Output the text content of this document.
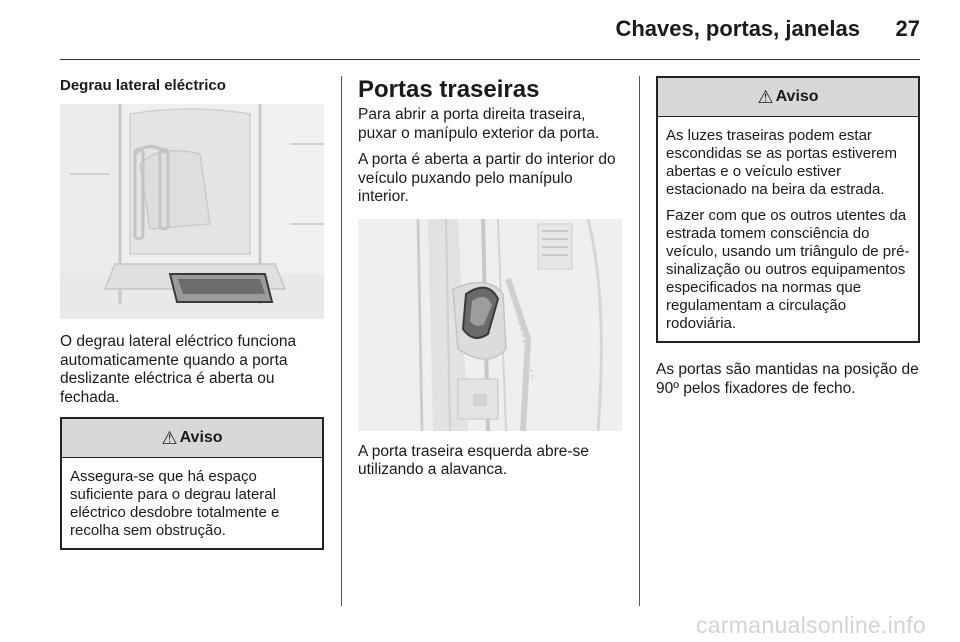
Chaves, portas, janelas	27
Degrau lateral eléctrico

O degrau lateral eléctrico funciona automaticamente quando a porta deslizante eléctrica é aberta ou fechada.

⚠ Aviso

Assegura-se que há espaço suficiente para o degrau lateral eléctrico desdobre totalmente e recolha sem obstrução.

Portas traseiras

Para abrir a porta direita traseira, puxar o manípulo exterior da porta.

A porta é aberta a partir do interior do veículo puxando pelo manípulo interior.

A porta traseira esquerda abre-se utilizando a alavanca.

⚠ Aviso

As luzes traseiras podem estar escondidas se as portas estiverem abertas e o veículo estiver estacionado na beira da estrada.

Fazer com que os outros utentes da estrada tomem consciência do veículo, usando um triângulo de pré-sinalização ou outros equipamentos especificados na normas que regulamentam a circulação rodoviária.

As portas são mantidas na posição de 90º pelos fixadores de fecho.

carmanualsonline.info
